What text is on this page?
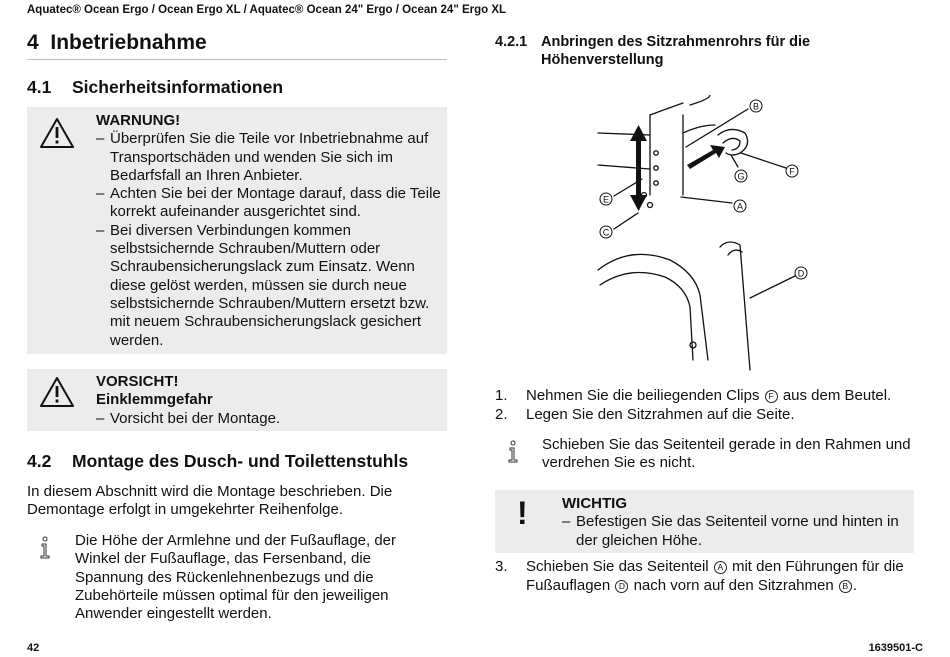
Aquatec® Ocean Ergo / Ocean Ergo XL / Aquatec® Ocean 24" Ergo / Ocean 24" Ergo XL
4 Inbetriebnahme
4.1 Sicherheitsinformationen
WARNUNG!
– Überprüfen Sie die Teile vor Inbetriebnahme auf Transportschäden und wenden Sie sich im Bedarfsfall an Ihren Anbieter.
– Achten Sie bei der Montage darauf, dass die Teile korrekt aufeinander ausgerichtet sind.
– Bei diversen Verbindungen kommen selbstsichernde Schrauben/Muttern oder Schraubensicherungslack zum Einsatz. Wenn diese gelöst werden, müssen sie durch neue selbstsichernde Schrauben/Muttern ersetzt bzw. mit neuem Schraubensicherungslack gesichert werden.
VORSICHT!
Einklemmgefahr
– Vorsicht bei der Montage.
4.2 Montage des Dusch- und Toilettenstuhls
In diesem Abschnitt wird die Montage beschrieben. Die Demontage erfolgt in umgekehrter Reihenfolge.
Die Höhe der Armlehne und der Fußauflage, der Winkel der Fußauflage, das Fersenband, die Spannung des Rückenlehnenbezugs und die Zubehörteile müssen optimal für den jeweiligen Anwender eingestellt werden.
4.2.1 Anbringen des Sitzrahmenrohrs für die Höhenverstellung
B
F
G
E
A
C
D
1. Nehmen Sie die beiliegenden Clips F aus dem Beutel.
2. Legen Sie den Sitzrahmen auf die Seite.
Schieben Sie das Seitenteil gerade in den Rahmen und verdrehen Sie es nicht.
! WICHTIG
– Befestigen Sie das Seitenteil vorne und hinten in der gleichen Höhe.
3. Schieben Sie das Seitenteil A mit den Führungen für die Fußauflagen D nach vorn auf den Sitzrahmen B .
42	1639501-C
